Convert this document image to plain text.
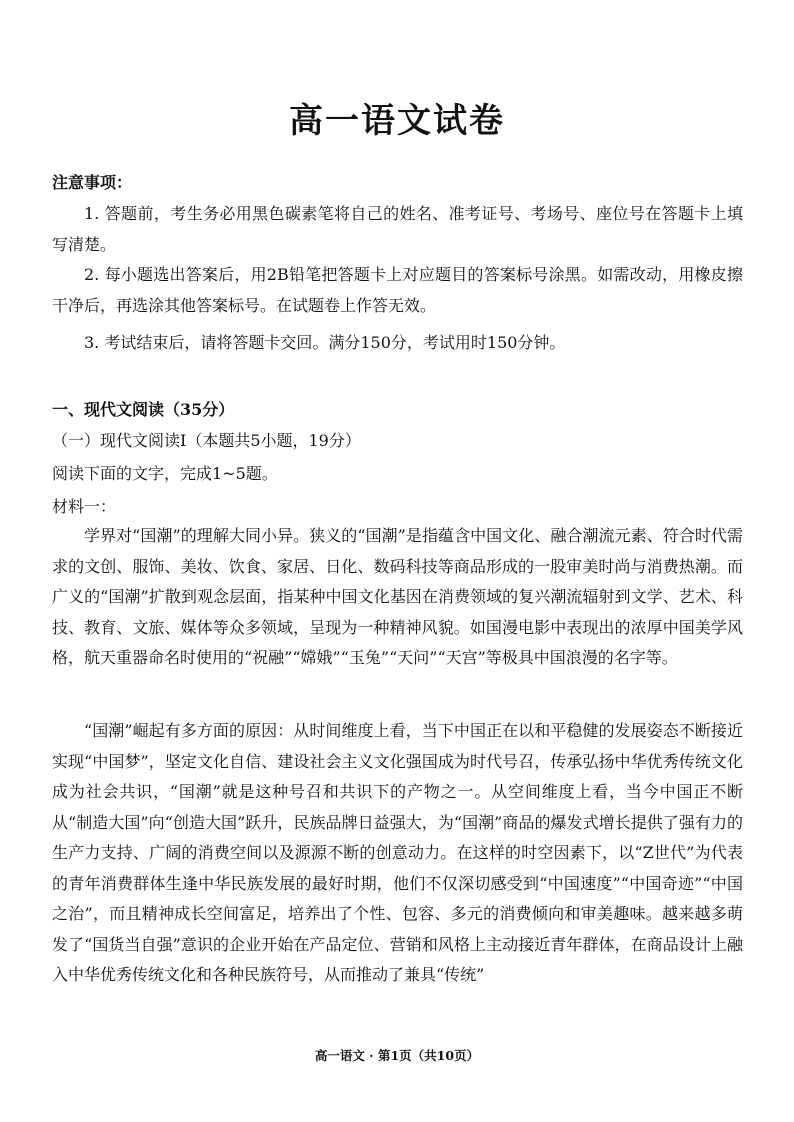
高一语文试卷

注意事项：

1. 答题前，考生务必用黑色碳素笔将自己的姓名、准考证号、考场号、座位号在答题卡上填写清楚。

2. 每小题选出答案后，用2B铅笔把答题卡上对应题目的答案标号涂黑。如需改动，用橡皮擦干净后，再选涂其他答案标号。在试题卷上作答无效。

3. 考试结束后，请将答题卡交回。满分150分，考试用时150分钟。

一、现代文阅读（35分）

（一）现代文阅读Ⅰ（本题共5小题，19分）

阅读下面的文字，完成1~5题。

材料一：

学界对“国潮”的理解大同小异。狭义的“国潮”是指蕴含中国文化、融合潮流元素、符合时代需求的文创、服饰、美妆、饮食、家居、日化、数码科技等商品形成的一股审美时尚与消费热潮。而广义的“国潮”扩散到观念层面，指某种中国文化基因在消费领域的复兴潮流辐射到文学、艺术、科技、教育、文旅、媒体等众多领域，呈现为一种精神风貌。如国漫电影中表现出的浓厚中国美学风格，航天重器命名时使用的“祝融”“嫦娥”“玉兔”“天问”“天宫”等极具中国浪漫的名字等。

“国潮”崛起有多方面的原因：从时间维度上看，当下中国正在以和平稳健的发展姿态不断接近实现“中国梦”，坚定文化自信、建设社会主义文化强国成为时代号召，传承弘扬中华优秀传统文化成为社会共识，“国潮”就是这种号召和共识下的产物之一。从空间维度上看，当今中国正不断从“制造大国”向“创造大国”跃升，民族品牌日益强大，为“国潮”商品的爆发式增长提供了强有力的生产力支持、广阔的消费空间以及源源不断的创意动力。在这样的时空因素下，以“Z世代”为代表的青年消费群体生逢中华民族发展的最好时期，他们不仅深切感受到“中国速度”“中国奇迹”“中国之治”，而且精神成长空间富足，培养出了个性、包容、多元的消费倾向和审美趣味。越来越多萌发了“国货当自强”意识的企业开始在产品定位、营销和风格上主动接近青年群体，在商品设计上融入中华优秀传统文化和各种民族符号，从而推动了兼具“传统”

高一语文 · 第1页（共10页）
